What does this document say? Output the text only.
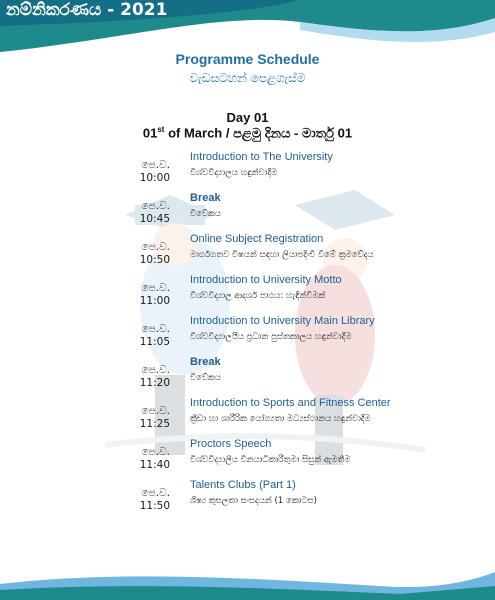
නම්නිකරණය - 2021
Programme Schedule
වැඩසටහන් පෙළගැස්ම
Day 01
01st of March / පළමු දිනය - මාර්තු 01
පෙ.ව. 10:00
Introduction to The University
විශ්වවිද්‍යාලය හඳුන්වාදීම
පෙ.ව. 10:45
Break
විවේකය
පෙ.ව. 10:50
Online Subject Registration
මාර්ගගතව විෂයන් සඳහා ලියාපදිංචි වීමේ ක්‍රමවේදය
පෙ.ව. 11:00
Introduction to University Motto
විශ්වවිද්‍යාල ආදර්ශ පාඨය: හැඳින්වීමක්
පෙ.ව. 11:05
Introduction to University Main Library
විශ්වවිද්‍යාලයීය ප්‍රධාන පුස්තකාලය හඳුන්වාදීම
පෙ.ව. 11:20
Break
විවේකය
පෙ.ව. 11:25
Introduction to Sports and Fitness Center
ක්‍රීඩා හා ශාරීරික යෝග්‍යතා මධ්‍යස්ථානය හඳුන්වාදීම
පෙ.ව. 11:40
Proctors Speech
විශ්වවිද්‍යාලීය විනයාධිකාරීතුමා සිසුන් ඇමතීම
පෙ.ව. 11:50
Talents Clubs (Part 1)
ශිෂ්‍ය කුසලතා සංසදයන් (1 කොටස)
